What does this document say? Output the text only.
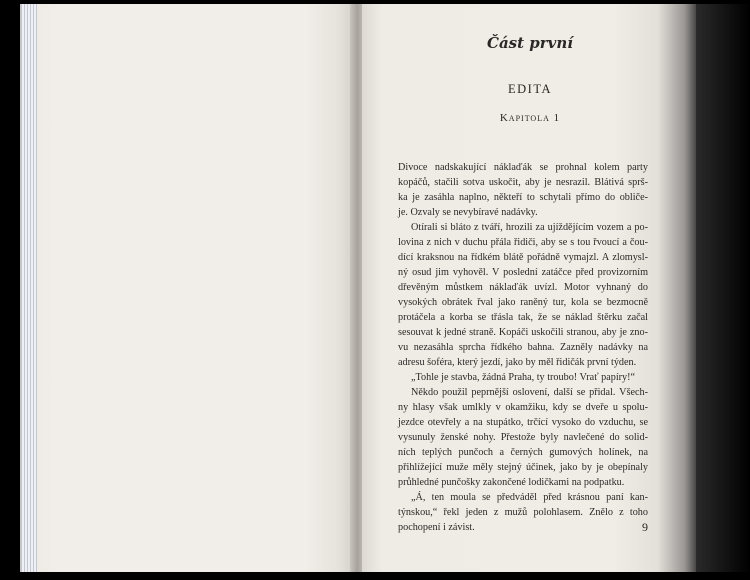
Část první
EDITA
Kapitola 1
Divoce nadskakující náklaďák se prohnal kolem party
kopáčů, stačili sotva uskočit, aby je nesrazil. Blátivá sprš-
ka je zasáhla naplno, někteří to schytali přímo do obliče-
je. Ozvaly se nevybíravé nadávky.
Otírali si bláto z tváří, hrozili za ujíždějícím vozem a po-
lovina z nich v duchu přála řidiči, aby se s tou řvoucí a čou-
dící kraksnou na řídkém blátě pořádně vymajzl. A zlomysl-
ný osud jim vyhověl. V poslední zatáčce před provizorním
dřevěným můstkem náklaďák uvízl. Motor vyhnaný do
vysokých obrátek řval jako raněný tur, kola se bezmocně
protáčela a korba se třásla tak, že se náklad štěrku začal
sesouvat k jedné straně. Kopáči uskočili stranou, aby je zno-
vu nezasáhla sprcha řídkého bahna. Zazněly nadávky na
adresu šoféra, který jezdí, jako by měl řidičák první týden.
„Tohle je stavba, žádná Praha, ty troubo! Vrať papíry!“
Někdo použil peprnější oslovení, další se přidal. Všech-
ny hlasy však umlkly v okamžiku, kdy se dveře u spolu-
jezdce otevřely a na stupátko, trčící vysoko do vzduchu, se
vysunuly ženské nohy. Přestože byly navlečené do solid-
ních teplých punčoch a černých gumových holínek, na
přihlížející muže měly stejný účinek, jako by je obepínaly
průhledné punčošky zakončené lodičkami na podpatku.
„Á, ten moula se předváděl před krásnou paní kan-
týnskou,“ řekl jeden z mužů polohlasem. Znělo z toho
pochopení i závist.	9
